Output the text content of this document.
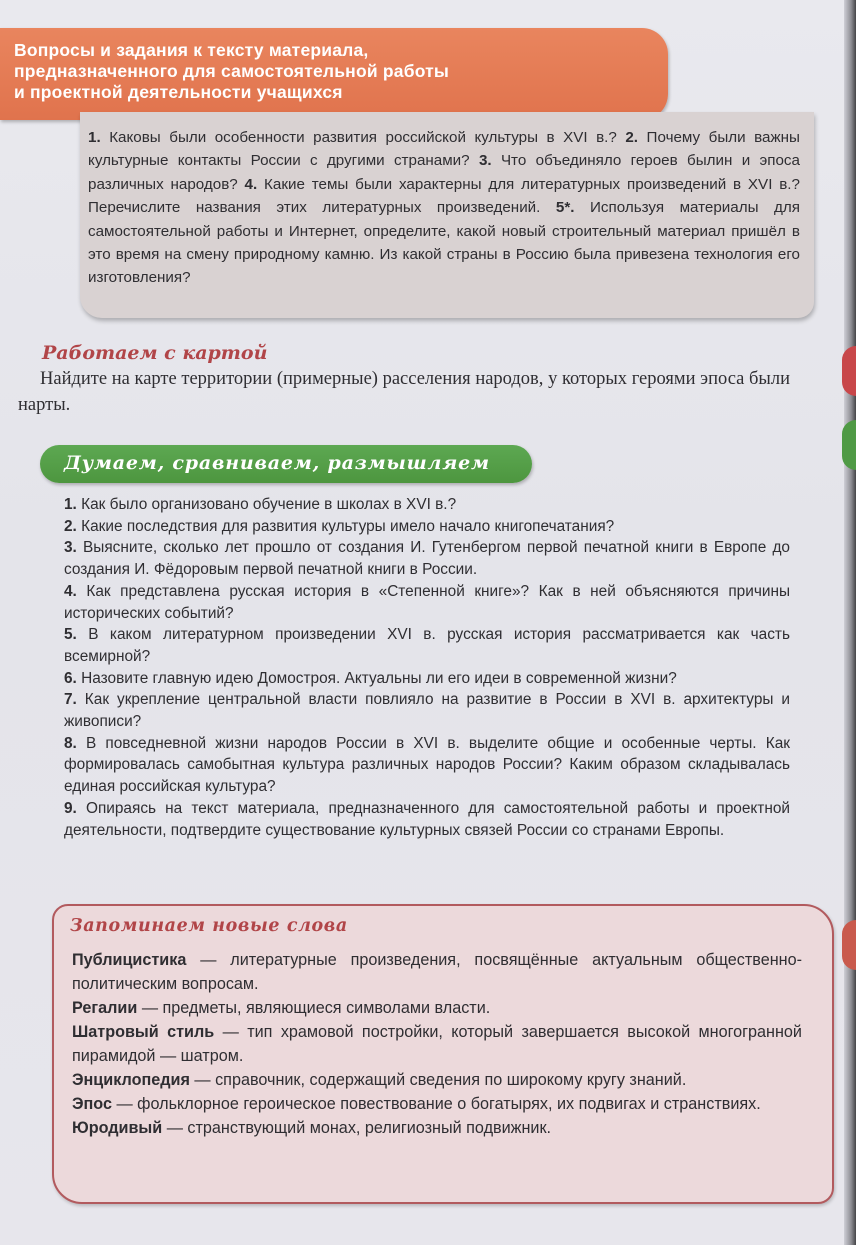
Вопросы и задания к тексту материала,
предназначенного для самостоятельной работы
и проектной деятельности учащихся
1. Каковы были особенности развития российской культуры в XVI в.? 2. Почему были важны культурные контакты России с другими странами? 3. Что объединяло героев былин и эпоса различных народов? 4. Какие темы были характерны для литературных произведений в XVI в.? Перечислите названия этих литературных произведений. 5*. Используя материалы для самостоятельной работы и Интернет, определите, какой новый строительный материал пришёл в это время на смену природному камню. Из какой страны в Россию была привезена технология его изготовления?
Работаем с картой
Найдите на карте территории (примерные) расселения народов, у которых героями эпоса были нарты.
Думаем, сравниваем, размышляем

1. Как было организовано обучение в школах в XVI в.?

2. Какие последствия для развития культуры имело начало книгопечатания?

3. Выясните, сколько лет прошло от создания И. Гутенбергом первой печатной книги в Европе до создания И. Фёдоровым первой печатной книги в России.

4. Как представлена русская история в «Степенной книге»? Как в ней объясняются причины исторических событий?

5. В каком литературном произведении XVI в. русская история рассматривается как часть всемирной?

6. Назовите главную идею Домостроя. Актуальны ли его идеи в современной жизни?

7. Как укрепление центральной власти повлияло на развитие в России в XVI в. архитектуры и живописи?

8. В повседневной жизни народов России в XVI в. выделите общие и особенные черты. Как формировалась самобытная культура различных народов России? Каким образом складывалась единая российская культура?

9. Опираясь на текст материала, предназначенного для самостоятельной работы и проектной деятельности, подтвердите существование культурных связей России со странами Европы.

Запоминаем новые слова
Публицистика — литературные произведения, посвящённые актуальным общественно-политическим вопросам.
Регалии — предметы, являющиеся символами власти.
Шатровый стиль — тип храмовой постройки, который завершается высокой многогранной пирамидой — шатром.
Энциклопедия — справочник, содержащий сведения по широкому кругу знаний.
Эпос — фольклорное героическое повествование о богатырях, их подвигах и странствиях.
Юродивый — странствующий монах, религиозный подвижник.
